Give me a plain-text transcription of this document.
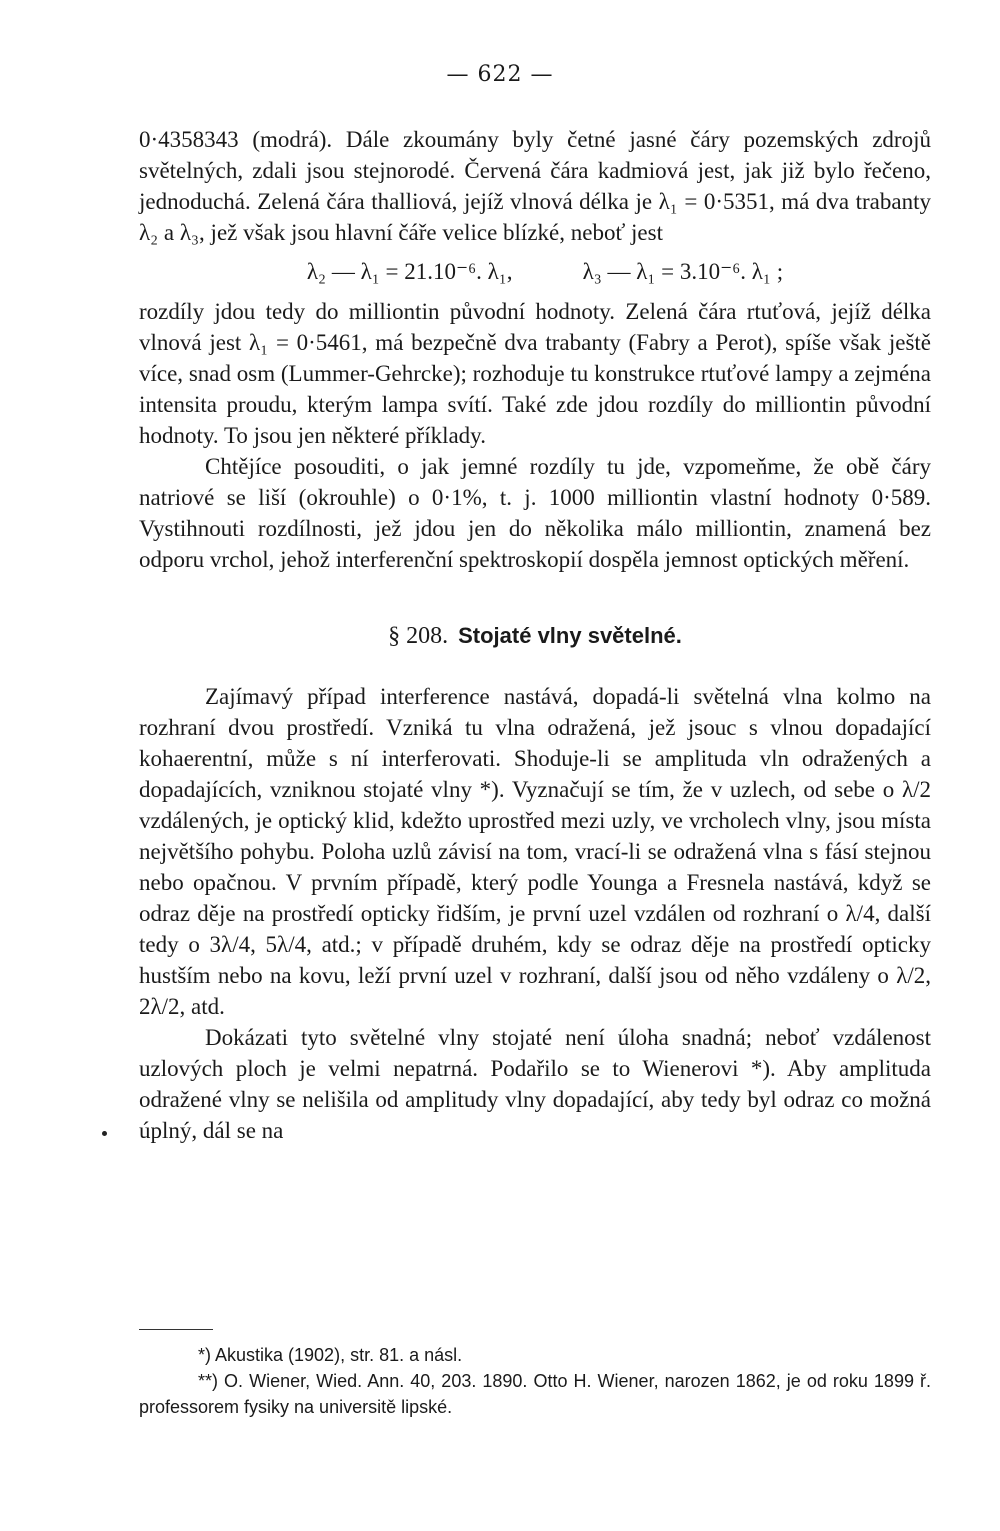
— 622 —

0·4358343 (modrá). Dále zkoumány byly četné jasné čáry pozemských zdrojů světelných, zdali jsou stejnorodé. Červená čára kadmiová jest, jak již bylo řečeno, jednoduchá. Zelená čára thalliová, jejíž vlnová délka je λ₁ = 0·5351, má dva trabanty λ₂ a λ₃, jež však jsou hlavní čáře velice blízké, neboť jest

λ₂ — λ₁ = 21.10⁻⁶. λ₁,	λ₃ — λ₁ = 3.10⁻⁶. λ₁ ;

rozdíly jdou tedy do milliontin původní hodnoty. Zelená čára rtuťová, jejíž délka vlnová jest λ₁ = 0·5461, má bezpečně dva trabanty (Fabry a Perot), spíše však ještě více, snad osm (Lummer-Gehrcke); rozhoduje tu konstrukce rtuťové lampy a zejména intensita proudu, kterým lampa svítí. Také zde jdou rozdíly do milliontin původní hodnoty. To jsou jen některé příklady.

Chtějíce posouditi, o jak jemné rozdíly tu jde, vzpomeňme, že obě čáry natriové se liší (okrouhle) o 0·1%, t. j. 1000 milliontin vlastní hodnoty 0·589. Vystihnouti rozdílnosti, jež jdou jen do několika málo milliontin, znamená bez odporu vrchol, jehož interferenční spektroskopií dospěla jemnost optických měření.

§ 208. Stojaté vlny světelné.

Zajímavý případ interference nastává, dopadá-li světelná vlna kolmo na rozhraní dvou prostředí. Vzniká tu vlna odražená, jež jsouc s vlnou dopadající kohaerentní, může s ní interferovati. Shoduje-li se amplituda vln odražených a dopadajících, vzniknou stojaté vlny *). Vyznačují se tím, že v uzlech, od sebe o λ/2 vzdálených, je optický klid, kdežto uprostřed mezi uzly, ve vrcholech vlny, jsou místa největšího pohybu. Poloha uzlů závisí na tom, vrací-li se odražená vlna s fásí stejnou nebo opačnou. V prvním případě, který podle Younga a Fresnela nastává, když se odraz děje na prostředí opticky řidším, je první uzel vzdálen od rozhraní o λ/4, další tedy o 3λ/4, 5λ/4, atd.; v případě druhém, kdy se odraz děje na prostředí opticky hustším nebo na kovu, leží první uzel v rozhraní, další jsou od něho vzdáleny o λ/2, 2λ/2, atd.

Dokázati tyto světelné vlny stojaté není úloha snadná; neboť vzdálenost uzlových ploch je velmi nepatrná. Podařilo se to Wienerovi *). Aby amplituda odražené vlny se nelišila od amplitudy vlny dopadající, aby tedy byl odraz co možná úplný, dál se na

*) Akustika (1902), str. 81. a násl.

**) O. Wiener, Wied. Ann. 40, 203. 1890. Otto H. Wiener, narozen 1862, je od roku 1899 ř. professorem fysiky na universitě lipské.
